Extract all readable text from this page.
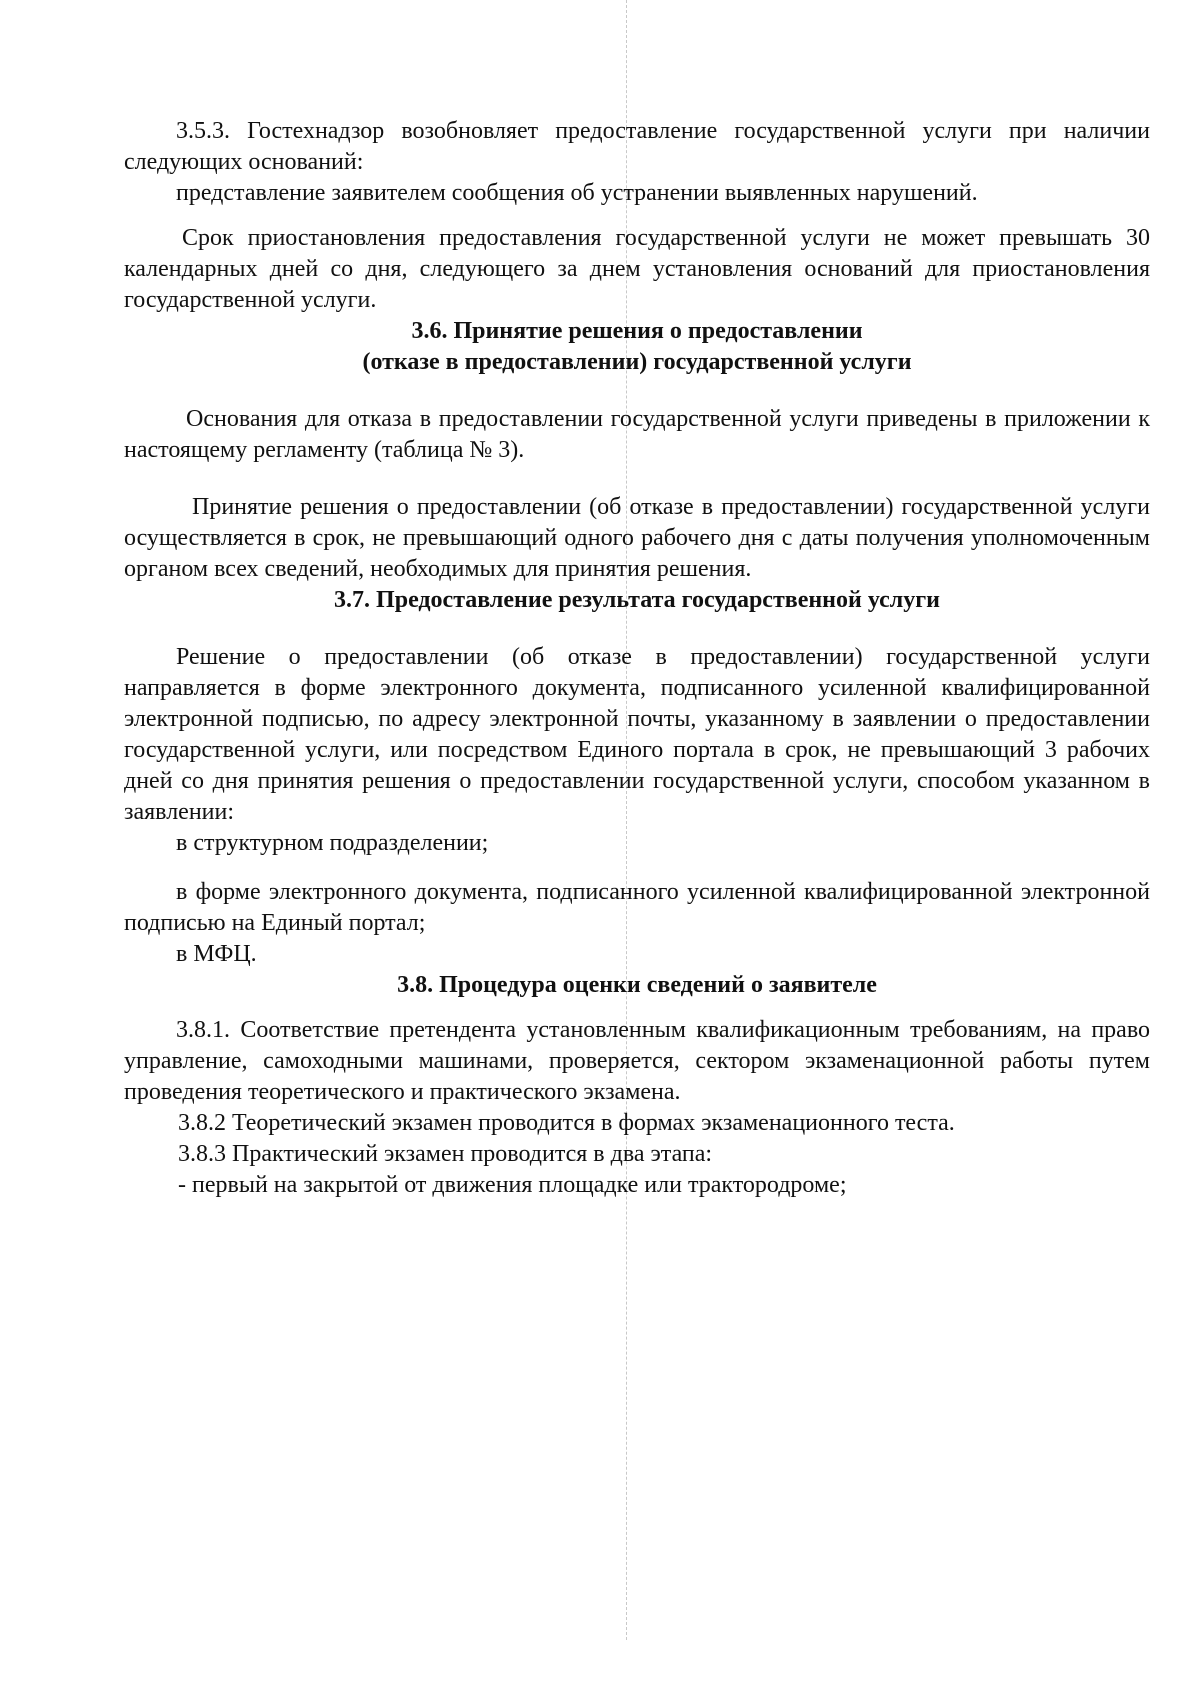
3.5.3. Гостехнадзор возобновляет предоставление государственной услуги при наличии следующих оснований:

представление заявителем сообщения об устранении выявленных нарушений.

Срок приостановления предоставления государственной услуги не может превышать 30 календарных дней со дня, следующего за днем установления оснований для приостановления государственной услуги.

3.6. Принятие решения о предоставлении
(отказе в предоставлении) государственной услуги

Основания для отказа в предоставлении государственной услуги приведены в приложении к настоящему регламенту (таблица № 3).

Принятие решения о предоставлении (об отказе в предоставлении) государственной услуги осуществляется в срок, не превышающий одного рабочего дня с даты получения уполномоченным органом всех сведений, необходимых для принятия решения.

3.7. Предоставление результата государственной услуги

Решение о предоставлении (об отказе в предоставлении) государственной услуги направляется в форме электронного документа, подписанного усиленной квалифицированной электронной подписью, по адресу электронной почты, указанному в заявлении о предоставлении государственной услуги, или посредством Единого портала в срок, не превышающий 3 рабочих дней со дня принятия решения о предоставлении государственной услуги, способом указанном в заявлении:

в структурном подразделении;

в форме электронного документа, подписанного усиленной квалифицированной электронной подписью на Единый портал;

в МФЦ.

3.8. Процедура оценки сведений о заявителе

3.8.1. Соответствие претендента установленным квалификационным требованиям, на право управление, самоходными машинами, проверяется, сектором экзаменационной работы путем проведения теоретического и практического экзамена.

3.8.2 Теоретический экзамен проводится в формах экзаменационного теста.

3.8.3 Практический экзамен проводится в два этапа:

- первый на закрытой от движения площадке или трактородроме;
